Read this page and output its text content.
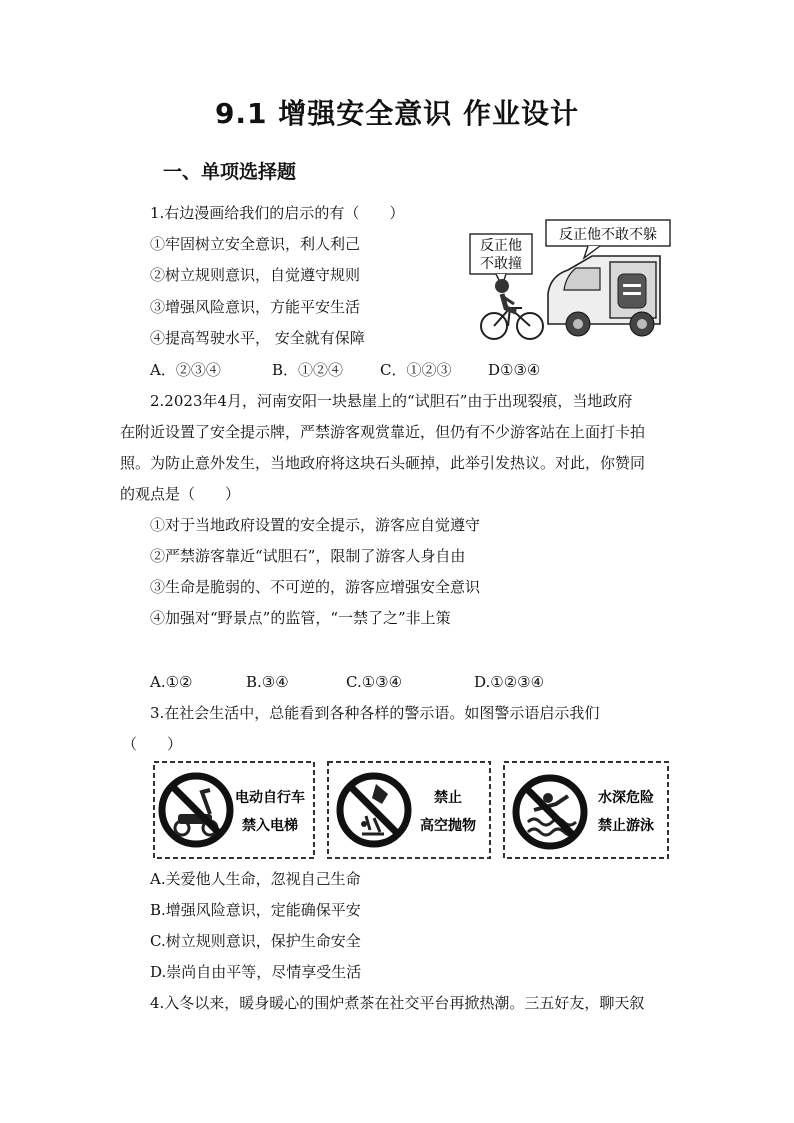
9.1 增强安全意识 作业设计
一、单项选择题
1.右边漫画给我们的启示的有（　　）
①牢固树立安全意识，利人利己
②树立规则意识，自觉遵守规则
③增强风险意识，方能平安生活
④提高驾驶水平， 安全就有保障
A．②③④	B．①②④ C．①②③ D①③④
反正他
不敢撞
反正他不敢不躲
2.2023年4月，河南安阳一块悬崖上的“试胆石”由于出现裂痕，当地政府
在附近设置了安全提示牌，严禁游客观赏靠近，但仍有不少游客站在上面打卡拍
照。为防止意外发生，当地政府将这块石头砸掉，此举引发热议。对此，你赞同
的观点是（　　）
①对于当地政府设置的安全提示，游客应自觉遵守
②严禁游客靠近“试胆石”，限制了游客人身自由
③生命是脆弱的、不可逆的，游客应增强安全意识
④加强对“野景点”的监管，“一禁了之”非上策
A.①②	B.③④	C.①③④	D.①②③④
3.在社会生活中，总能看到各种各样的警示语。如图警示语启示我们
（　　）
电动自行车
禁入电梯
禁止
高空抛物
水深危险
禁止游泳
A.关爱他人生命，忽视自己生命
B.增强风险意识，定能确保平安
C.树立规则意识，保护生命安全
D.崇尚自由平等，尽情享受生活
4.入冬以来，暖身暖心的围炉煮茶在社交平台再掀热潮。三五好友，聊天叙
